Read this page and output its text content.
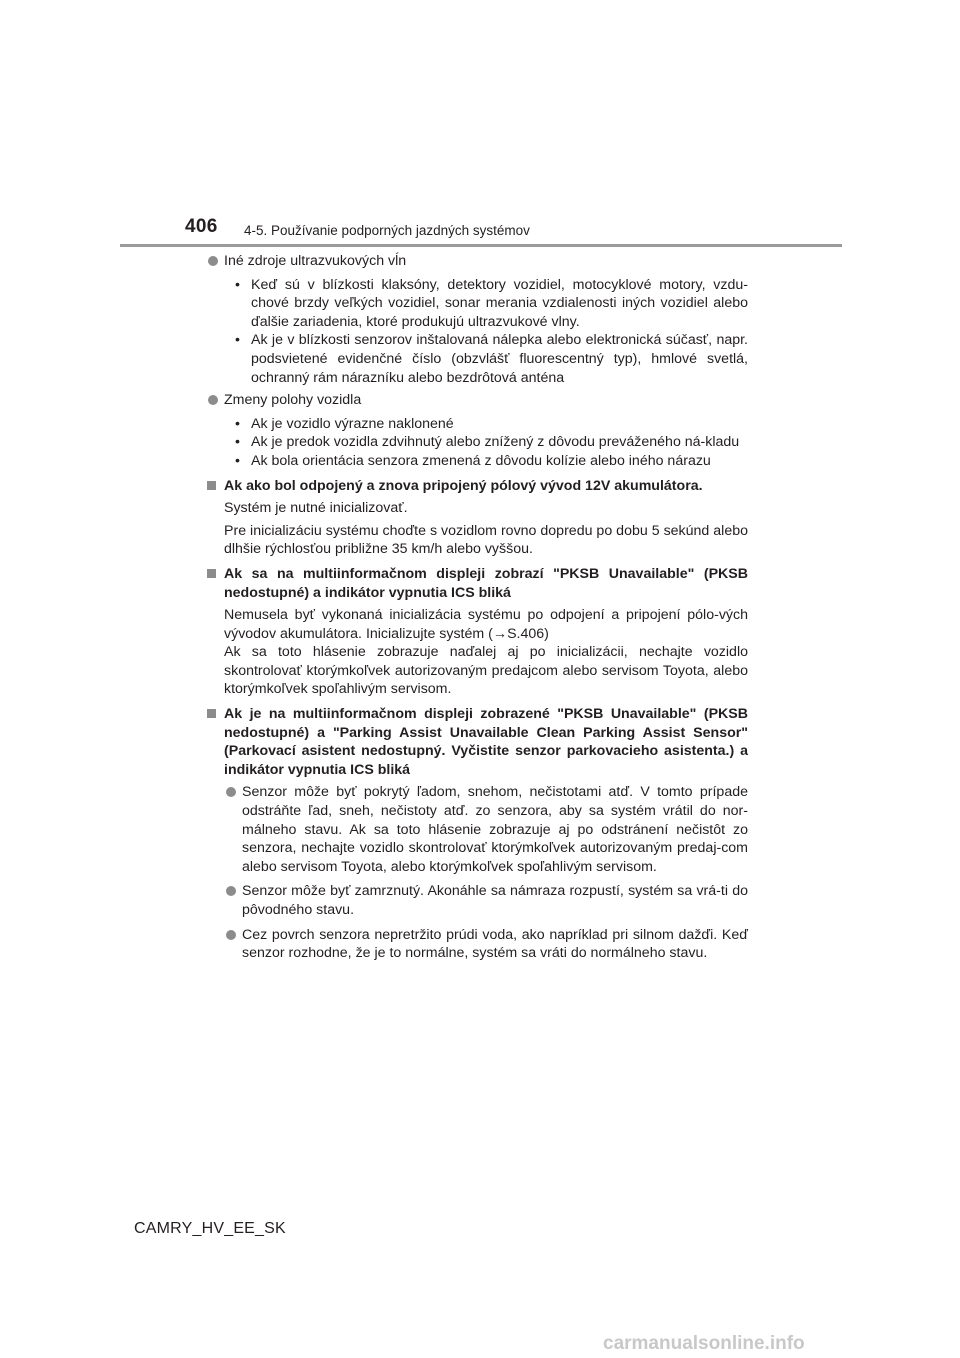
406 4-5. Používanie podporných jazdných systémov
Iné zdroje ultrazvukových vĺn
• Keď sú v blízkosti klaksóny, detektory vozidiel, motocyklové motory, vzdu-chové brzdy veľkých vozidiel, sonar merania vzdialenosti iných vozidiel alebo ďalšie zariadenia, ktoré produkujú ultrazvukové vlny.
• Ak je v blízkosti senzorov inštalovaná nálepka alebo elektronická súčasť, napr. podsvietené evidenčné číslo (obzvlášť fluorescentný typ), hmlové svetlá, ochranný rám nárazníku alebo bezdrôtová anténa
Zmeny polohy vozidla
• Ak je vozidlo výrazne naklonené
• Ak je predok vozidla zdvihnutý alebo znížený z dôvodu preváženého ná-kladu
• Ak bola orientácia senzora zmenená z dôvodu kolízie alebo iného nárazu
Ak ako bol odpojený a znova pripojený pólový vývod 12V akumulátora.
Systém je nutné inicializovať.
Pre inicializáciu systému choďte s vozidlom rovno dopredu po dobu 5 sekúnd alebo dlhšie rýchlosťou približne 35 km/h alebo vyššou.
Ak sa na multiinformačnom displeji zobrazí "PKSB Unavailable" (PKSB nedostupné) a indikátor vypnutia ICS bliká
Nemusela byť vykonaná inicializácia systému po odpojení a pripojení pólo-vých vývodov akumulátora. Inicializujte systém (→S.406)
Ak sa toto hlásenie zobrazuje naďalej aj po inicializácii, nechajte vozidlo skontrolovať ktorýmkoľvek autorizovaným predajcom alebo servisom Toyota, alebo ktorýmkoľvek spoľahlivým servisom.
Ak je na multiinformačnom displeji zobrazené "PKSB Unavailable" (PKSB nedostupné) a "Parking Assist Unavailable Clean Parking Assist Sensor" (Parkovací asistent nedostupný. Vyčistite senzor parkovacieho asistenta.) a indikátor vypnutia ICS bliká
Senzor môže byť pokrytý ľadom, snehom, nečistotami atď. V tomto prípade odstráňte ľad, sneh, nečistoty atď. zo senzora, aby sa systém vrátil do nor-málneho stavu. Ak sa toto hlásenie zobrazuje aj po odstránení nečistôt zo senzora, nechajte vozidlo skontrolovať ktorýmkoľvek autorizovaným predaj-com alebo servisom Toyota, alebo ktorýmkoľvek spoľahlivým servisom.
Senzor môže byť zamrznutý. Akonáhle sa námraza rozpustí, systém sa vrá-ti do pôvodného stavu.
Cez povrch senzora nepretržito prúdi voda, ako napríklad pri silnom dažďi. Keď senzor rozhodne, že je to normálne, systém sa vráti do normálneho stavu.
CAMRY_HV_EE_SK
carmanualsonline.info
